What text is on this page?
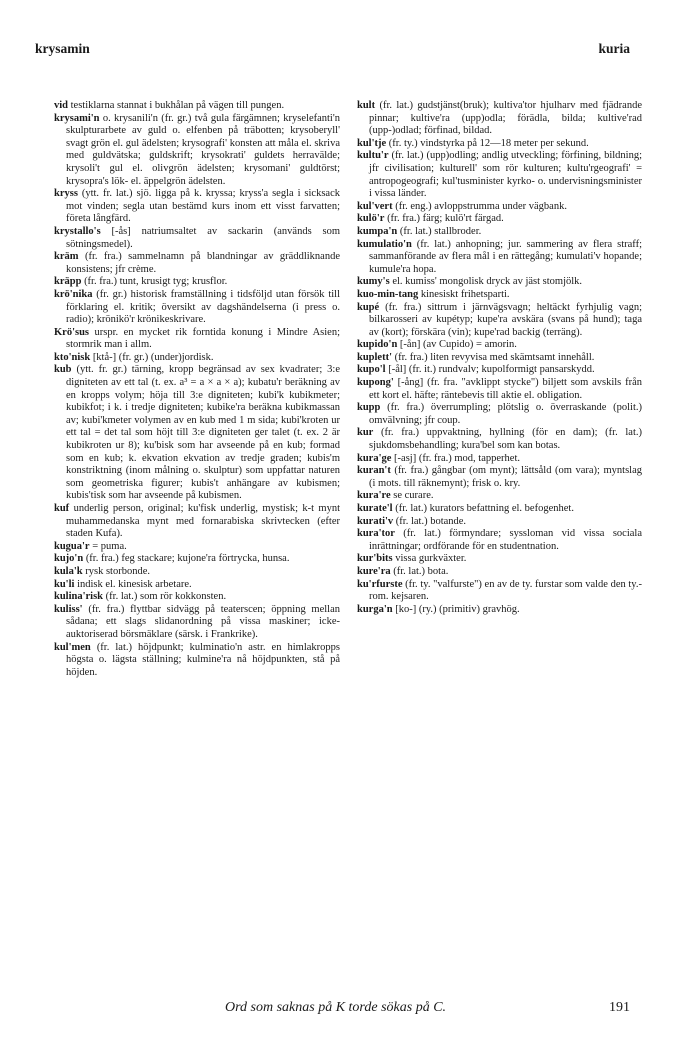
krysamin	kuria

vid testiklarna stannat i bukhålan på vägen till pungen.

krysami'n o. krysanili'n (fr. gr.) två gula färgämnen; kryselefanti'n skulpturarbete av guld o. elfenben på träbotten; krysoberyll' svagt grön el. gul ädelsten; krysografi' konsten att måla el. skriva med guldvätska; guldskrift; krysokrati' guldets herravälde; krysoli't gul el. olivgrön ädelsten; krysomani' guldtörst; krysopra's lök- el. äppelgrön ädelsten.

kryss (ytt. fr. lat.) sjö. ligga på k. kryssa; kryss'a segla i sicksack mot vinden; segla utan bestämd kurs inom ett visst farvatten; företa långfärd.

krystallo's [-ås] natriumsaltet av sackarin (används som sötningsmedel).

kräm (fr. fra.) sammelnamn på blandningar av gräddliknande konsistens; jfr crème.

kräpp (fr. fra.) tunt, krusigt tyg; krusflor.

krö'nika (fr. gr.) historisk framställning i tidsföljd utan försök till förklaring el. kritik; översikt av dagshändelserna (i press o. radio); krönikö'r krönikeskrivare.

Krö'sus urspr. en mycket rik forntida konung i Mindre Asien; stormrik man i allm.

kto'nisk [ktå-] (fr. gr.) (under)jordisk.

kub (ytt. fr. gr.) tärning, kropp begränsad av sex kvadrater; 3:e digniteten av ett tal (t. ex. a³ = a × a × a); kubatu'r beräkning av en kropps volym; höja till 3:e digniteten; kubi'k kubikmeter; kubikfot; i k. i tredje digniteten; kubike'ra beräkna kubikmassan av; kubi'kmeter volymen av en kub med 1 m sida; kubi'kroten ur ett tal = det tal som höjt till 3:e digniteten ger talet (t. ex. 2 är kubikroten ur 8); ku'bisk som har avseende på en kub; formad som en kub; k. ekvation ekvation av tredje graden; kubis'm konstriktning (inom målning o. skulptur) som uppfattar naturen som geometriska figurer; kubis't anhängare av kubismen; kubis'tisk som har avseende på kubismen.

kuf underlig person, original; ku'fisk underlig, mystisk; k-t mynt muhammedanska mynt med fornarabiska skrivtecken (efter staden Kufa).

kugua'r = puma.

kujo'n (fr. fra.) feg stackare; kujone'ra förtrycka, hunsa.

kula'k rysk storbonde.

ku'li indisk el. kinesisk arbetare.

kulina'risk (fr. lat.) som rör kokkonsten.

kuliss' (fr. fra.) flyttbar sidvägg på teaterscen; öppning mellan sådana; ett slags slidanordning på vissa maskiner; icke-auktoriserad börsmäklare (särsk. i Frankrike).

kul'men (fr. lat.) höjdpunkt; kulminatio'n astr. en himlakropps högsta o. lägsta ställning; kulmine'ra nå höjdpunkten, stå på höjden.

kult (fr. lat.) gudstjänst(bruk); kultiva'tor hjulharv med fjädrande pinnar; kultive'ra (upp)odla; förädla, bilda; kultive'rad (upp-)odlad; förfinad, bildad.

kul'tje (fr. ty.) vindstyrka på 12—18 meter per sekund.

kultu'r (fr. lat.) (upp)odling; andlig utveckling; förfining, bildning; jfr civilisation; kulturell' som rör kulturen; kultu'rgeografi' = antropogeografi; kul'tusminister kyrko- o. undervisningsminister i vissa länder.

kul'vert (fr. eng.) avloppstrumma under vägbank.

kulö'r (fr. fra.) färg; kulö'rt färgad.

kumpa'n (fr. lat.) stallbroder.

kumulatio'n (fr. lat.) anhopning; jur. sammering av flera straff; sammanförande av flera mål i en rättegång; kumulati'v hopande; kumule'ra hopa.

kumy's el. kumiss' mongolisk dryck av jäst stomjölk.

kuo-min-tang kinesiskt frihetsparti.

kupé (fr. fra.) sittrum i järnvägsvagn; heltäckt fyrhjulig vagn; bilkarosseri av kupétyp; kupe'ra avskära (svans på hund); taga av (kort); förskära (vin); kupe'rad backig (terräng).

kupido'n [-ån] (av Cupido) = amorin.

kuplett' (fr. fra.) liten revyvisa med skämtsamt innehåll.

kupo'l [-ål] (fr. it.) rundvalv; kupolformigt pansarskydd.

kupong' [-ång] (fr. fra. "avklippt stycke") biljett som avskils från ett kort el. häfte; räntebevis till aktie el. obligation.

kupp (fr. fra.) överrumpling; plötslig o. överraskande (polit.) omvälvning; jfr coup.

kur (fr. fra.) uppvaktning, hyllning (för en dam); (fr. lat.) sjukdomsbehandling; kura'bel som kan botas.

kura'ge [-asj] (fr. fra.) mod, tapperhet.

kuran't (fr. fra.) gångbar (om mynt); lättsåld (om vara); myntslag (i mots. till räknemynt); frisk o. kry.

kura're se curare.

kurate'l (fr. lat.) kurators befattning el. befogenhet.

kurati'v (fr. lat.) botande.

kura'tor (fr. lat.) förmyndare; syssloman vid vissa sociala inrättningar; ordförande för en studentnation.

kur'bits vissa gurkväxter.

kure'ra (fr. lat.) bota.

ku'rfurste (fr. ty. "valfurste") en av de ty. furstar som valde den ty.-rom. kejsaren.

kurga'n [ko-] (ry.) (primitiv) gravhög.

Ord som saknas på K torde sökas på C.	191
